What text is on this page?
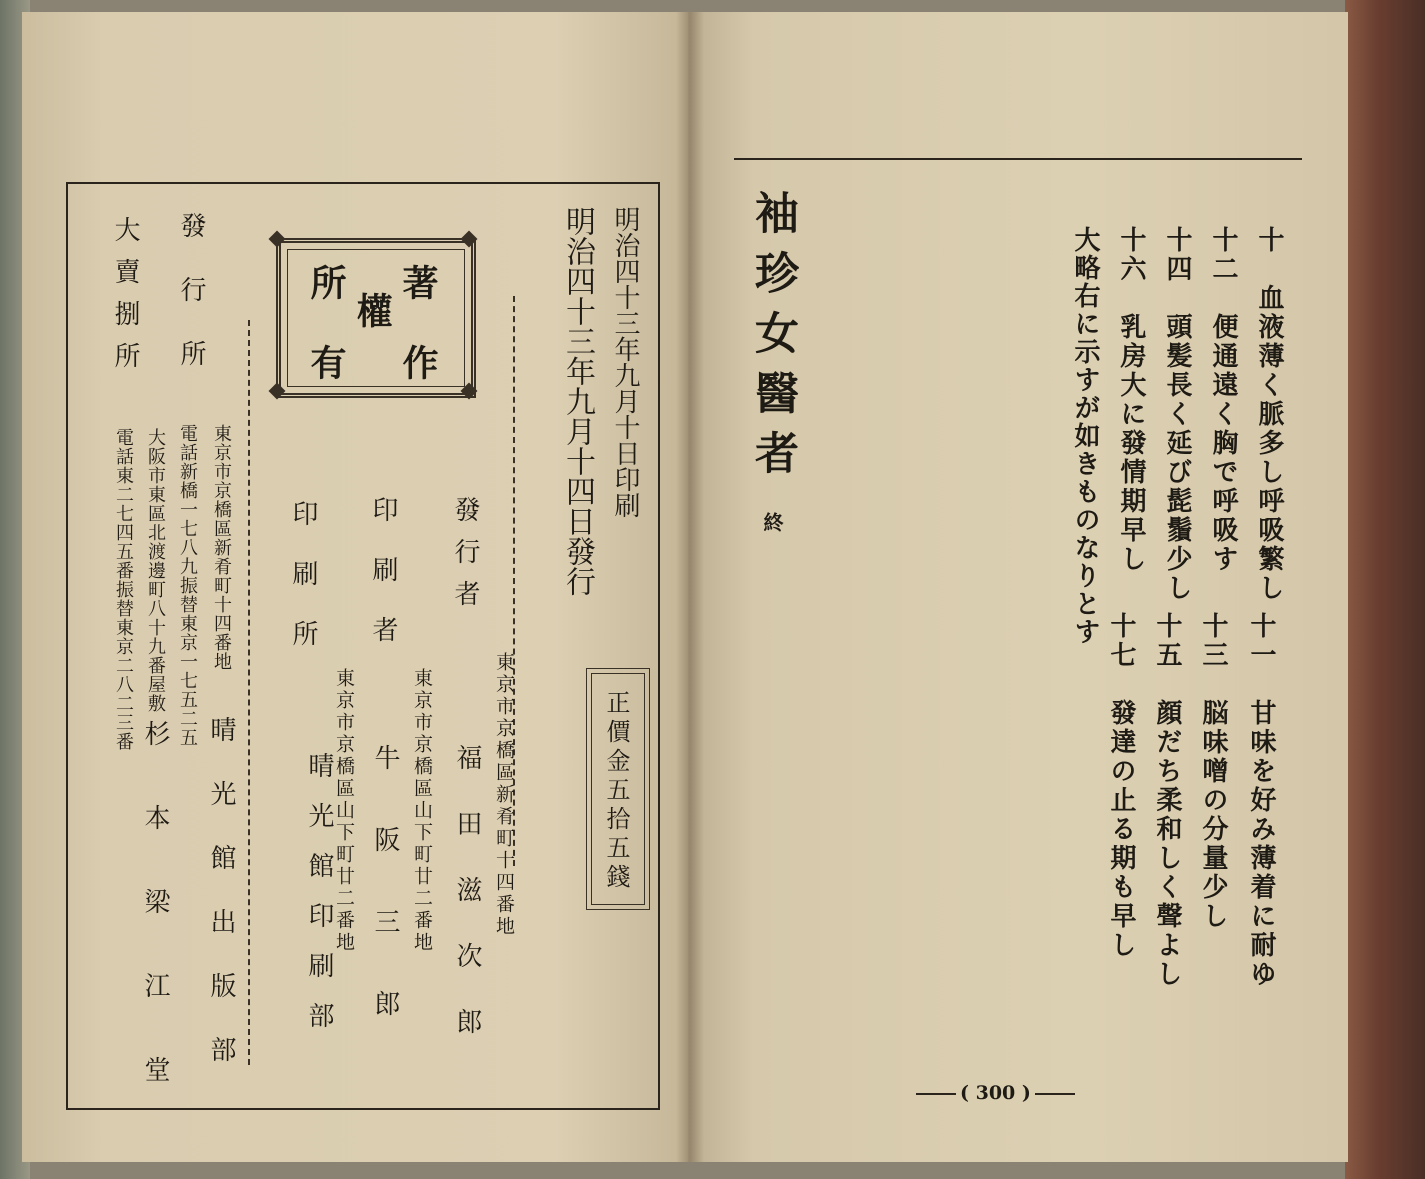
明治四十三年九月十日印刷
明治四十三年九月十四日發行
著作
權
所有
發行者
東京市京橋區新肴町十四番地
福田滋次郎
印刷者
東京市京橋區山下町廿二番地
牛阪三郎
印刷所
東京市京橋區山下町廿二番地
晴光館印刷部	正價金五拾五錢
發行所
東京市京橋區新肴町十四番地
電話新橋一七八九振替東京一七五二五
晴光館出版部
大賣捌所
大阪市東區北渡邊町八十九番屋敷
電話東二七四五番振替東京二八二三番
杉本梁江堂
袖珍女醫者
終	十　血液薄く脈多し呼吸繁し
十二　便通遠く胸で呼吸す
十四　頭髪長く延び髭鬚少し
十六　乳房大に發情期早し
大略右に示すが如きものなりとす
十一　甘味を好み薄着に耐ゆ
十三　脳味噌の分量少し
十五　顔だち柔和しく聲よし
十七　發達の止る期も早し
( 300 )
